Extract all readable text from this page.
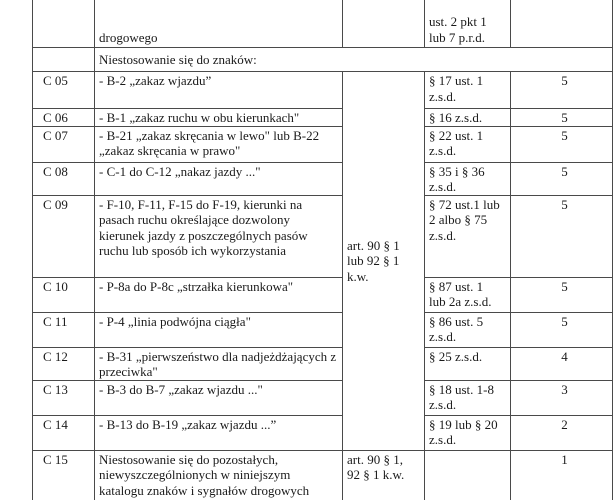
	drogowego		ust. 2 pkt 1
lub 7 p.r.d.	
	Niestosowanie się do znaków:			
C 05	- B-2 „zakaz wjazdu”	art. 90 § 1
lub 92 § 1
k.w.	§ 17 ust. 1
z.s.d.	5
C 06	- B-1 „zakaz ruchu w obu kierunkach"		§ 16 z.s.d.	5
C 07	- B-21 „zakaz skręcania w lewo" lub B-22 „zakaz skręcania w prawo"		§ 22 ust. 1
z.s.d.	5
C 08	- C-1 do C-12 „nakaz jazdy ..."		§ 35 i § 36
z.s.d.	5
C 09	- F-10, F-11, F-15 do F-19, kierunki na pasach ruchu określające dozwolony kierunek jazdy z poszczególnych pasów ruchu lub sposób ich wykorzystania		§ 72 ust.1 lub
2 albo § 75
z.s.d.	5
C 10	- P-8a do P-8c „strzałka kierunkowa"		§ 87 ust. 1
lub 2a z.s.d.	5
C 11	- P-4 „linia podwójna ciągła"		§ 86 ust. 5
z.s.d.	5
C 12	- B-31 „pierwszeństwo dla nadjeżdżających z przeciwka"		§ 25 z.s.d.	4
C 13	- B-3 do B-7 „zakaz wjazdu ..."		§ 18 ust. 1-8
z.s.d.	3
C 14	- B-13 do B-19 „zakaz wjazdu ...”		§ 19 lub § 20
z.s.d.	2
C 15	Niestosowanie się do pozostałych, niewyszczególnionych w niniejszym katalogu znaków i sygnałów drogowych	art. 90 § 1,
92 § 1 k.w.		1
